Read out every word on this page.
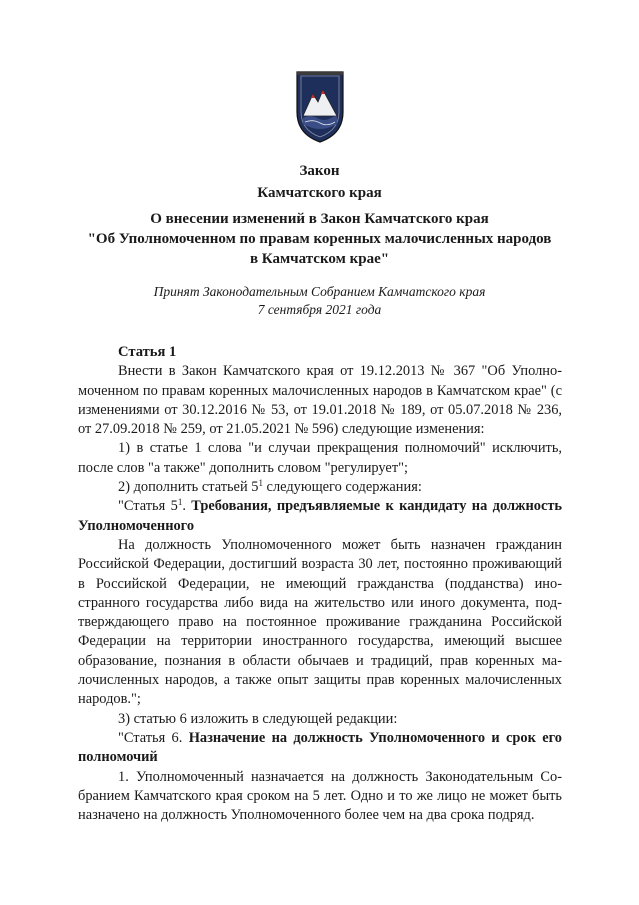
Закон
Камчатского края
О внесении изменений в Закон Камчатского края
"Об Уполномоченном по правам коренных малочисленных народов
в Камчатском крае"
Принят Законодательным Собранием Камчатского края
7 сентября 2021 года

Статья 1

Внести в Закон Камчатского края от 19.12.2013 № 367 "Об Уполномоченном по правам коренных малочисленных народов в Камчатском крае" (с изменениями от 30.12.2016 № 53, от 19.01.2018 № 189, от 05.07.2018 № 236, от 27.09.2018 № 259, от 21.05.2021 № 596) следующие изменения:

1) в статье 1 слова "и случаи прекращения полномочий" исключить, после слов "а также" дополнить словом "регулирует";

2) дополнить статьей $5^1$ следующего содержания:

"Статья $5^1$. Требования, предъявляемые к кандидату на должность Уполномоченного

На должность Уполномоченного может быть назначен гражданин Российской Федерации, достигший возраста 30 лет, постоянно проживающий в Российской Федерации, не имеющий гражданства (подданства) иностранного государства либо вида на жительство или иного документа, подтверждающего право на постоянное проживание гражданина Российской Федерации на территории иностранного государства, имеющий высшее образование, познания в области обычаев и традиций, прав коренных малочисленных народов, а также опыт защиты прав коренных малочисленных народов.";

3) статью 6 изложить в следующей редакции:

"Статья 6. Назначение на должность Уполномоченного и срок его полномочий

1. Уполномоченный назначается на должность Законодательным Собранием Камчатского края сроком на 5 лет. Одно и то же лицо не может быть назначено на должность Уполномоченного более чем на два срока подряд.
